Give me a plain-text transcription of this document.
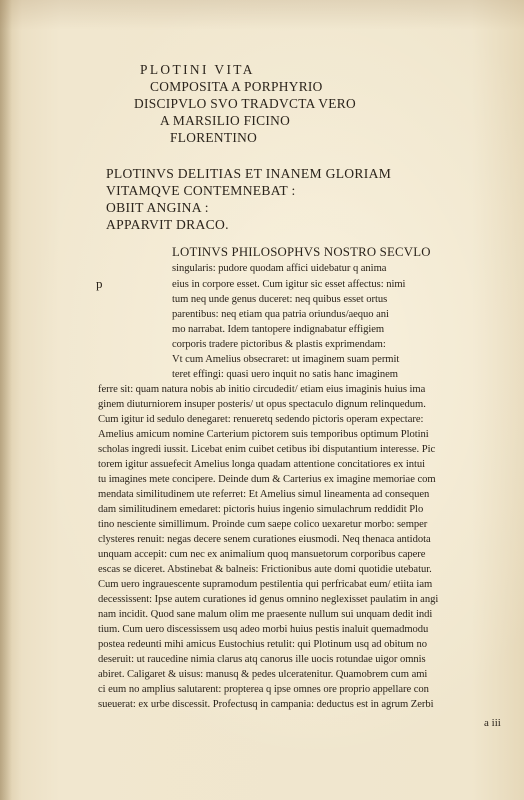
PLOTINI VITA
COMPOSITA A PORPHYRIO
DISCIPVLO SVO TRADVCTA VERO
A MARSILIO FICINO
FLORENTINO
PLOTINVS DELITIAS ET INANEM GLORIAM
VITAMQVE CONTEMNEBAT :
OBIIT ANGINA :
APPARVIT DRACO.
p
LOTINVS PHILOSOPHVS NOSTRO SECVLO
singularis: pudore quodam affici uidebatur q anima
eius in corpore esset. Cum igitur sic esset affectus: nimi
tum neq unde genus duceret: neq quibus esset ortus
parentibus: neq etiam qua patria oriundus/aequo ani
mo narrabat. Idem tantopere indignabatur effigiem
corporis tradere pictoribus & plastis exprimendam:
Vt cum Amelius obsecraret: ut imaginem suam permit
teret effingi: quasi uero inquit no satis hanc imaginem
ferre sit: quam natura nobis ab initio circudedit/ etiam eius imaginis huius ima
ginem diuturniorem insuper posteris/ ut opus spectaculo dignum relinquedum.
Cum igitur id sedulo denegaret: renueretq sedendo pictoris operam expectare:
Amelius amicum nomine Carterium pictorem suis temporibus optimum Plotini
scholas ingredi iussit. Licebat enim cuibet cetibus ibi disputantium interesse. Pic
torem igitur assuefecit Amelius longa quadam attentione concitatiores ex intui
tu imagines mete concipere. Deinde dum & Carterius ex imagine memoriae com
mendata similitudinem ute referret: Et Amelius simul lineamenta ad consequen
dam similitudinem emedaret: pictoris huius ingenio simulachrum reddidit Plo
tino nesciente simillimum. Proinde cum saepe colico uexaretur morbo: semper
clysteres renuit: negas decere senem curationes eiusmodi. Neq thenaca antidota
unquam accepit: cum nec ex animalium quoq mansuetorum corporibus capere
escas se diceret. Abstinebat & balneis: Frictionibus aute domi quotidie utebatur.
Cum uero ingrauescente supramodum pestilentia qui perfricabat eum/ etiita iam
decessissent: Ipse autem curationes id genus omnino neglexisset paulatim in angi
nam incidit. Quod sane malum olim me praesente nullum sui unquam dedit indi
tium. Cum uero discessissem usq adeo morbi huius pestis inaluit quemadmodu
postea redeunti mihi amicus Eustochius retulit: qui Plotinum usq ad obitum no
deseruit: ut raucedine nimia clarus atq canorus ille uocis rotundae uigor omnis
abiret. Caligaret & uisus: manusq & pedes ulceratenitur. Quamobrem cum ami
ci eum no amplius salutarent: propterea q ipse omnes ore proprio appellare con
sueuerat: ex urbe discessit. Profectusq in campania: deductus est in agrum Zerbi
a iii
